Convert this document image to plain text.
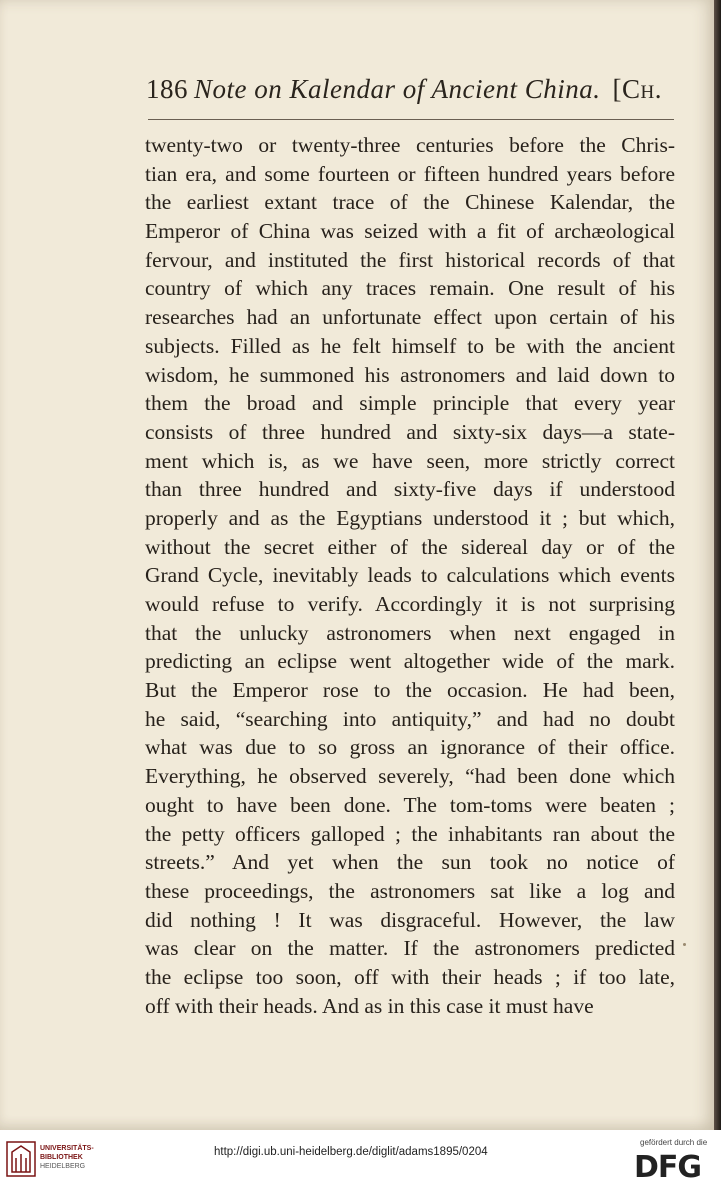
186 Note on Kalendar of Ancient China. [Ch.
twenty-two or twenty-three centuries before the Chris-
tian era, and some fourteen or fifteen hundred years before
the earliest extant trace of the Chinese Kalendar, the
Emperor of China was seized with a fit of archæological
fervour, and instituted the first historical records of that
country of which any traces remain. One result of his
researches had an unfortunate effect upon certain of his
subjects. Filled as he felt himself to be with the ancient
wisdom, he summoned his astronomers and laid down to
them the broad and simple principle that every year
consists of three hundred and sixty-six days—a state-
ment which is, as we have seen, more strictly correct
than three hundred and sixty-five days if understood
properly and as the Egyptians understood it ; but which,
without the secret either of the sidereal day or of the
Grand Cycle, inevitably leads to calculations which events
would refuse to verify. Accordingly it is not surprising
that the unlucky astronomers when next engaged in
predicting an eclipse went altogether wide of the mark.
But the Emperor rose to the occasion. He had been,
he said, “searching into antiquity,” and had no doubt
what was due to so gross an ignorance of their office.
Everything, he observed severely, “had been done which
ought to have been done. The tom-toms were beaten ;
the petty officers galloped ; the inhabitants ran about the
streets.” And yet when the sun took no notice of
these proceedings, the astronomers sat like a log and
did nothing ! It was disgraceful. However, the law
was clear on the matter. If the astronomers predicted
the eclipse too soon, off with their heads ; if too late,
off with their heads. And as in this case it must have
UNIVERSITÄTS-
BIBLIOTHEK
HEIDELBERG
http://digi.ub.uni-heidelberg.de/diglit/adams1895/0204
gefördert durch die
DFG
